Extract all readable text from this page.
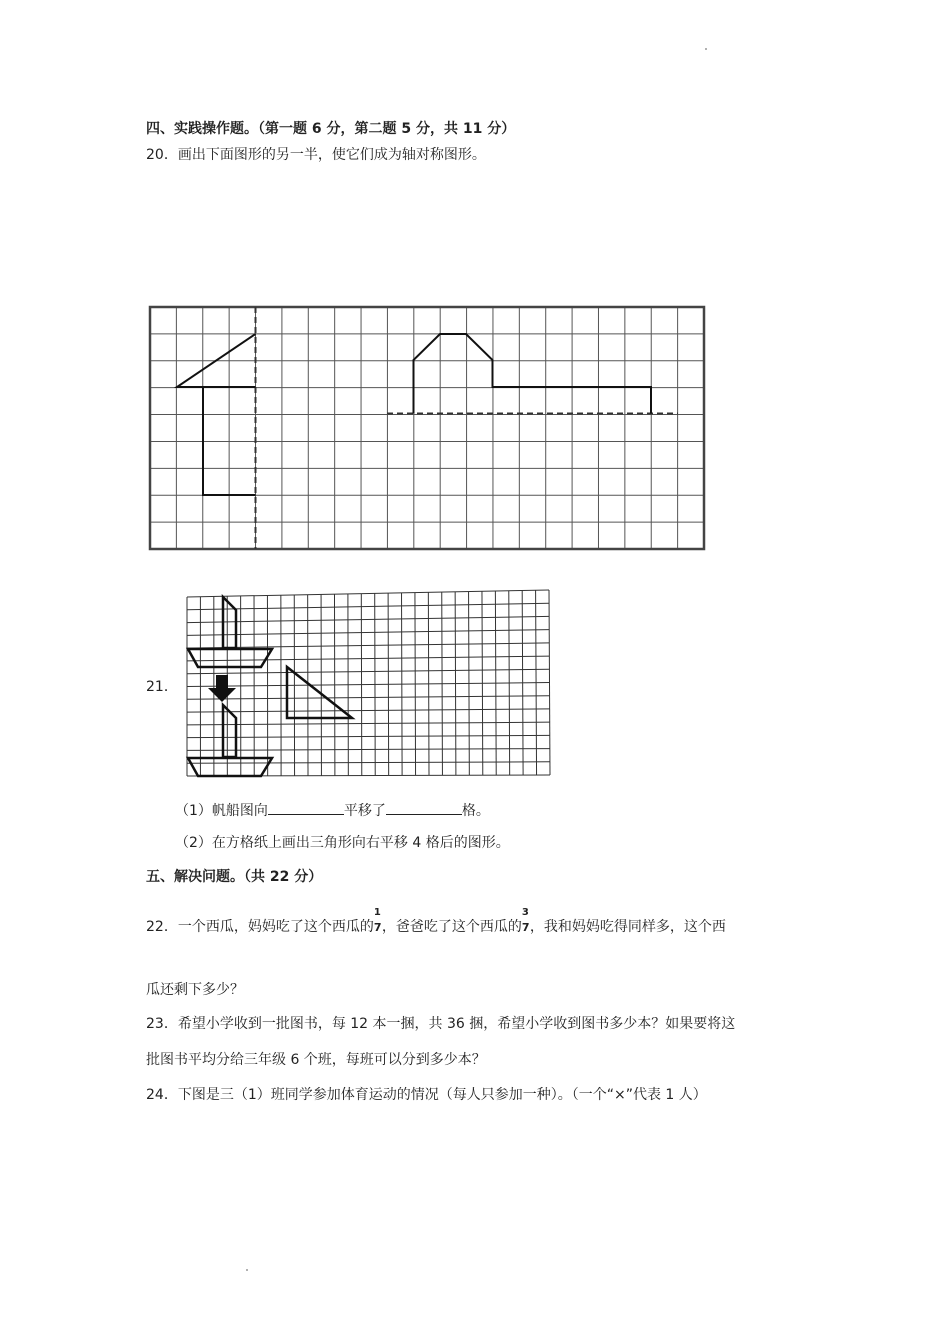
四、实践操作题。（第一题 6 分，第二题 5 分，共 11 分）
20．画出下面图形的另一半，使它们成为轴对称图形。
21．
（1）帆船图向	平移了	格。
（2）在方格纸上画出三角形向右平移 4 格后的图形。
五、解决问题。（共 22 分）
22．一个西瓜，妈妈吃了这个西瓜的
1
7，爸爸吃了这个西瓜的
3
7，我和妈妈吃得同样多，这个西
瓜还剩下多少？
23．希望小学收到一批图书，每 12 本一捆，共 36 捆，希望小学收到图书多少本？如果要将这
批图书平均分给三年级 6 个班，每班可以分到多少本？
24．下图是三（1）班同学参加体育运动的情况（每人只参加一种）。（一个“×”代表 1 人）
